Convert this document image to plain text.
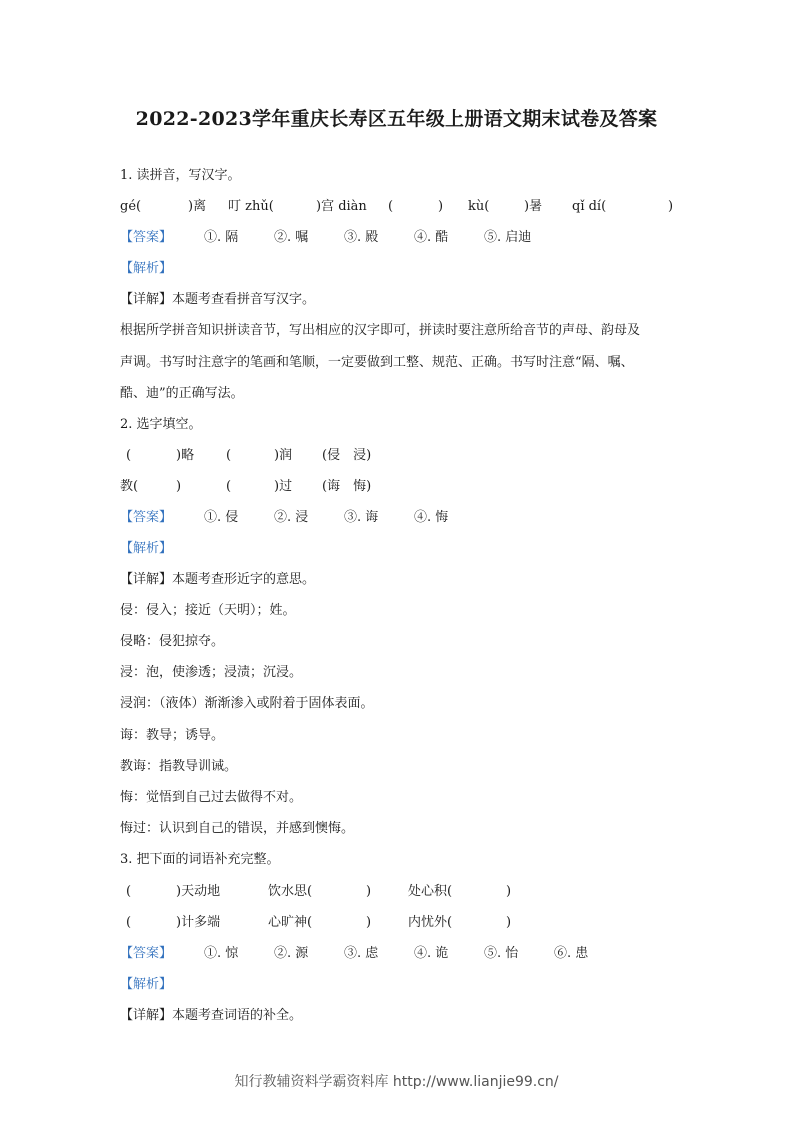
2022-2023学年重庆长寿区五年级上册语文期末试卷及答案
1. 读拼音，写汉字。
gé(	)离 叮 zhǔ(	)宫 diàn (	) kù(	)暑 qǐ dí(	)
【答案】 ①. 隔	②. 嘱	③. 殿	④. 酷	⑤. 启迪
【解析】
【详解】本题考查看拼音写汉字。
根据所学拼音知识拼读音节，写出相应的汉字即可，拼读时要注意所给音节的声母、韵母及
声调。书写时注意字的笔画和笔顺，一定要做到工整、规范、正确。书写时注意“隔、嘱、
酷、迪”的正确写法。
2. 选字填空。
(	)略 (	)润 (侵　浸)
教(	)	(	)过 (诲　悔)
【答案】 ①. 侵	②. 浸	③. 诲	④. 悔
【解析】
【详解】本题考查形近字的意思。
侵：侵入；接近（天明）；姓。
侵略：侵犯掠夺。
浸：泡，使渗透；浸渍；沉浸。
浸润：（液体）渐渐渗入或附着于固体表面。
诲：教导；诱导。
教诲：指教导训诫。
悔：觉悟到自己过去做得不对。
悔过：认识到自己的错误，并感到懊悔。
3. 把下面的词语补充完整。
(	)天动地	饮水思(	)	处心积(	)
(	)计多端	心旷神(	)	内忧外(	)
【答案】 ①. 惊	②. 源	③. 虑	④. 诡	⑤. 怡	⑥. 患
【解析】
【详解】本题考查词语的补全。
知行教辅资料学霸资料库 http://www.lianjie99.cn/
